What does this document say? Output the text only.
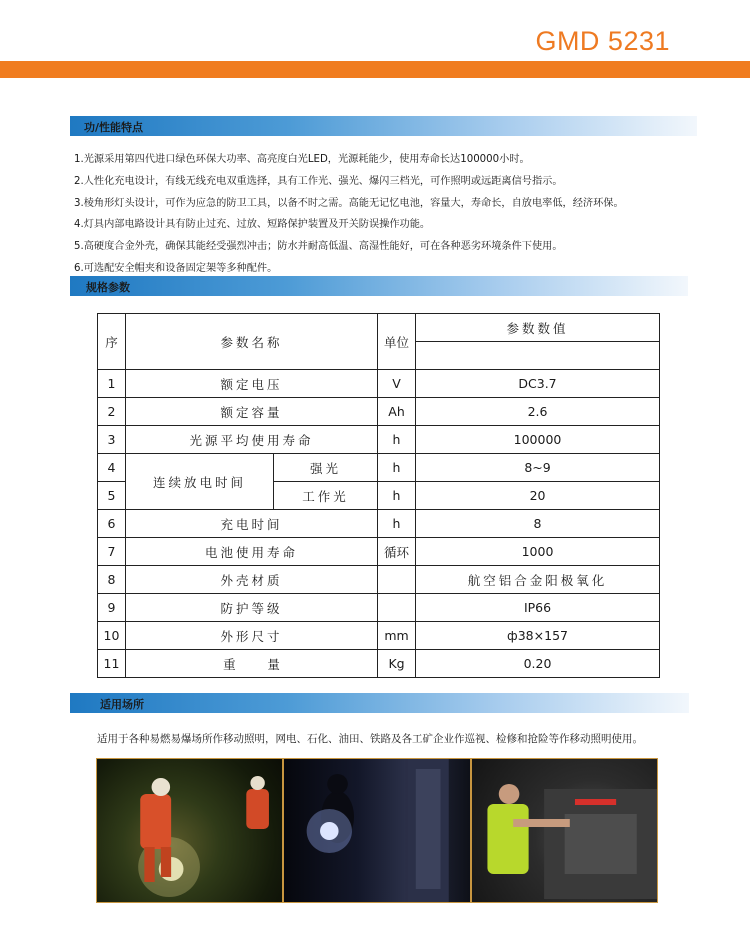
GMD 5231
功/性能特点
1.光源采用第四代进口绿色环保大功率、高亮度白光LED，光源耗能少，使用寿命长达100000小时。
2.人性化充电设计，有线无线充电双重选择，具有工作光、强光、爆闪三档光，可作照明或远距离信号指示。
3.棱角形灯头设计，可作为应急的防卫工具，以备不时之需。高能无记忆电池，容量大，寿命长，自放电率低，经济环保。
4.灯具内部电路设计具有防止过充、过放、短路保护装置及开关防误操作功能。
5.高硬度合金外壳，确保其能经受强烈冲击；防水并耐高低温、高湿性能好，可在各种恶劣环境条件下使用。
6.可选配安全帽夹和设备固定架等多种配件。
规格参数
序	参数名称		单位	参数数值

1	额定电压		V	DC3.7
2	额定容量		Ah	2.6
3	光源平均使用寿命		h	100000
4	连续放电时间	强光	h	8~9
5		工作光	h	20
6	充电时间		h	8
7	电池使用寿命		循环	1000
8	外壳材质			航空铝合金阳极氧化
9	防护等级			IP66
10	外形尺寸		mm	ф38×157
11	重        量		Kg	0.20
适用场所
适用于各种易燃易爆场所作移动照明，网电、石化、油田、铁路及各工矿企业作巡视、检修和抢险等作移动照明使用。
